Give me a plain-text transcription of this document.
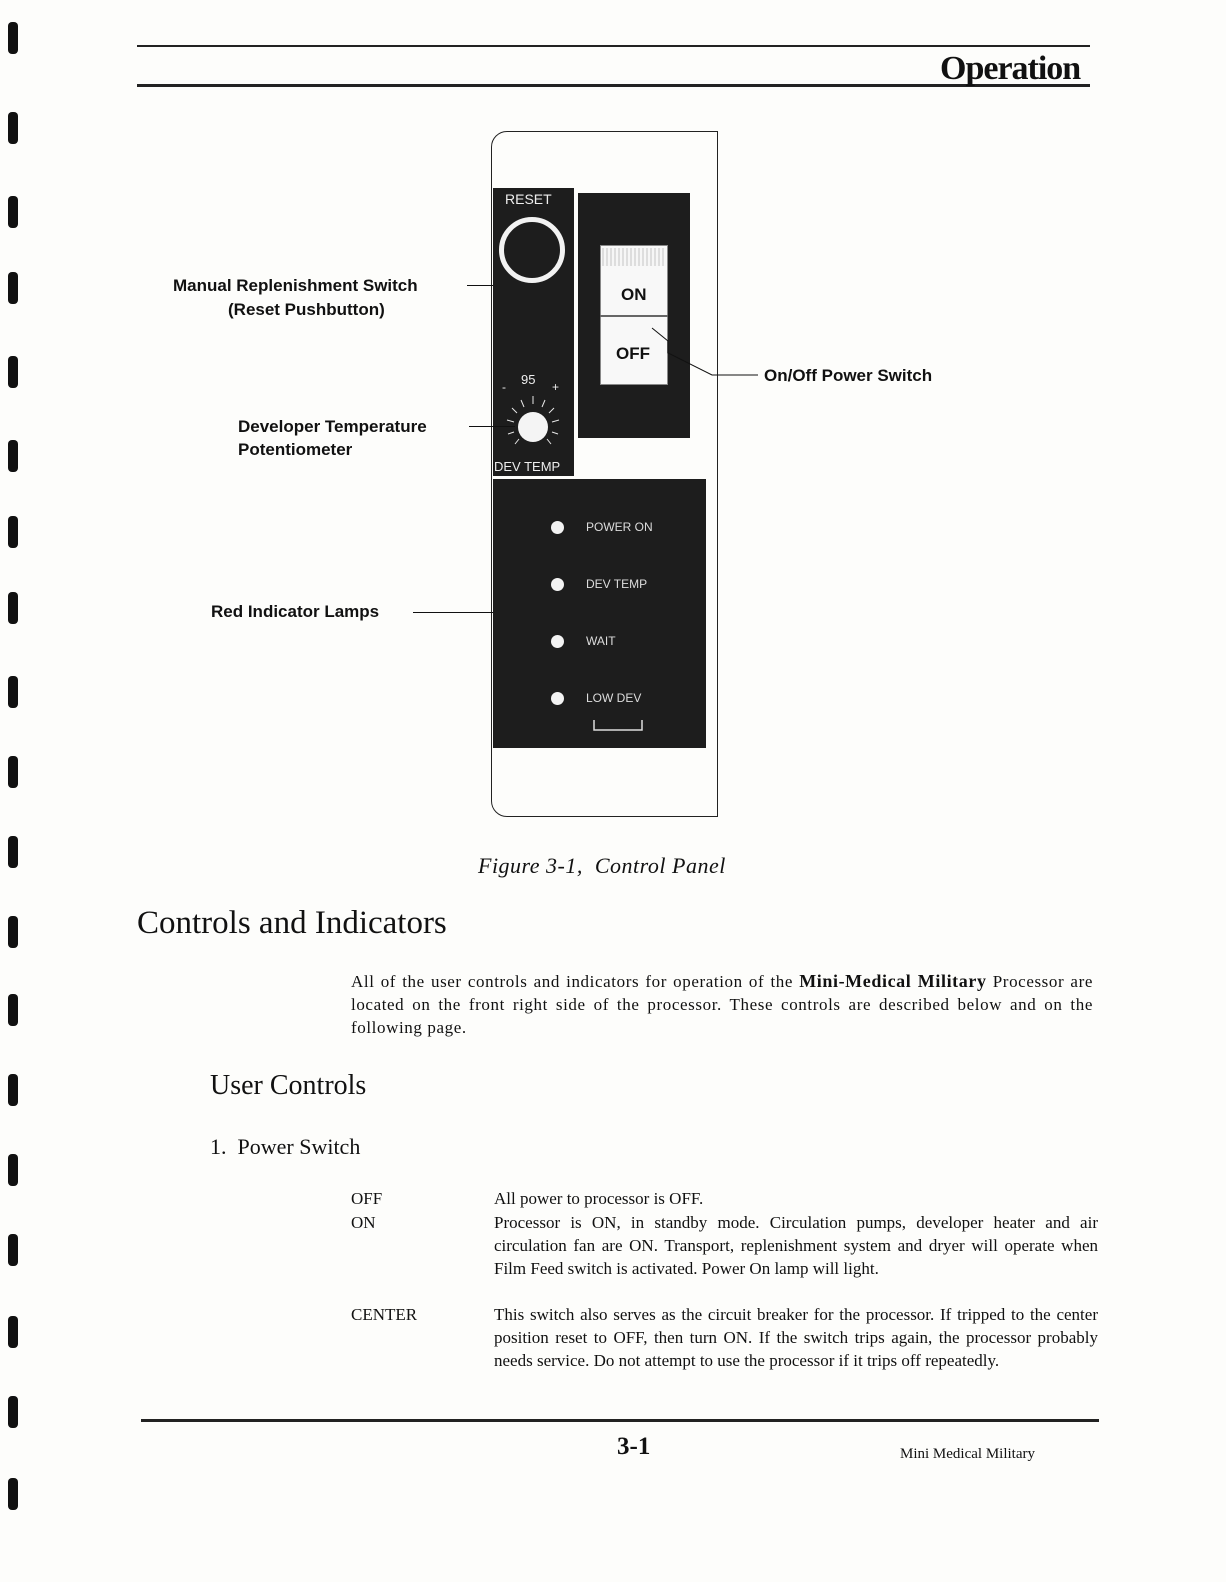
Operation
RESET
95
-	+
DEV TEMP
ON
OFF
POWER ON
DEV TEMP
WAIT
LOW DEV
Manual Replenishment Switch
(Reset Pushbutton)
Developer Temperature
Potentiometer
Red Indicator Lamps
On/Off Power Switch
Figure 3-1,  Control Panel
Controls and Indicators

All of the user controls and indicators for operation of the Mini-Medical Military Processor are located on the front right side of the processor. These controls are described below and on the following page.

User Controls
1.  Power Switch
OFF	All power to processor is OFF.
ON	Processor is ON, in standby mode. Circulation pumps, developer heater and air circulation fan are ON. Transport, replenishment system and dryer will operate when Film Feed switch is activated. Power On lamp will light.
CENTER	This switch also serves as the circuit breaker for the processor. If tripped to the center position reset to OFF, then turn ON. If the switch trips again, the processor probably needs service. Do not attempt to use the processor if it trips off repeatedly.
3-1	Mini Medical Military
